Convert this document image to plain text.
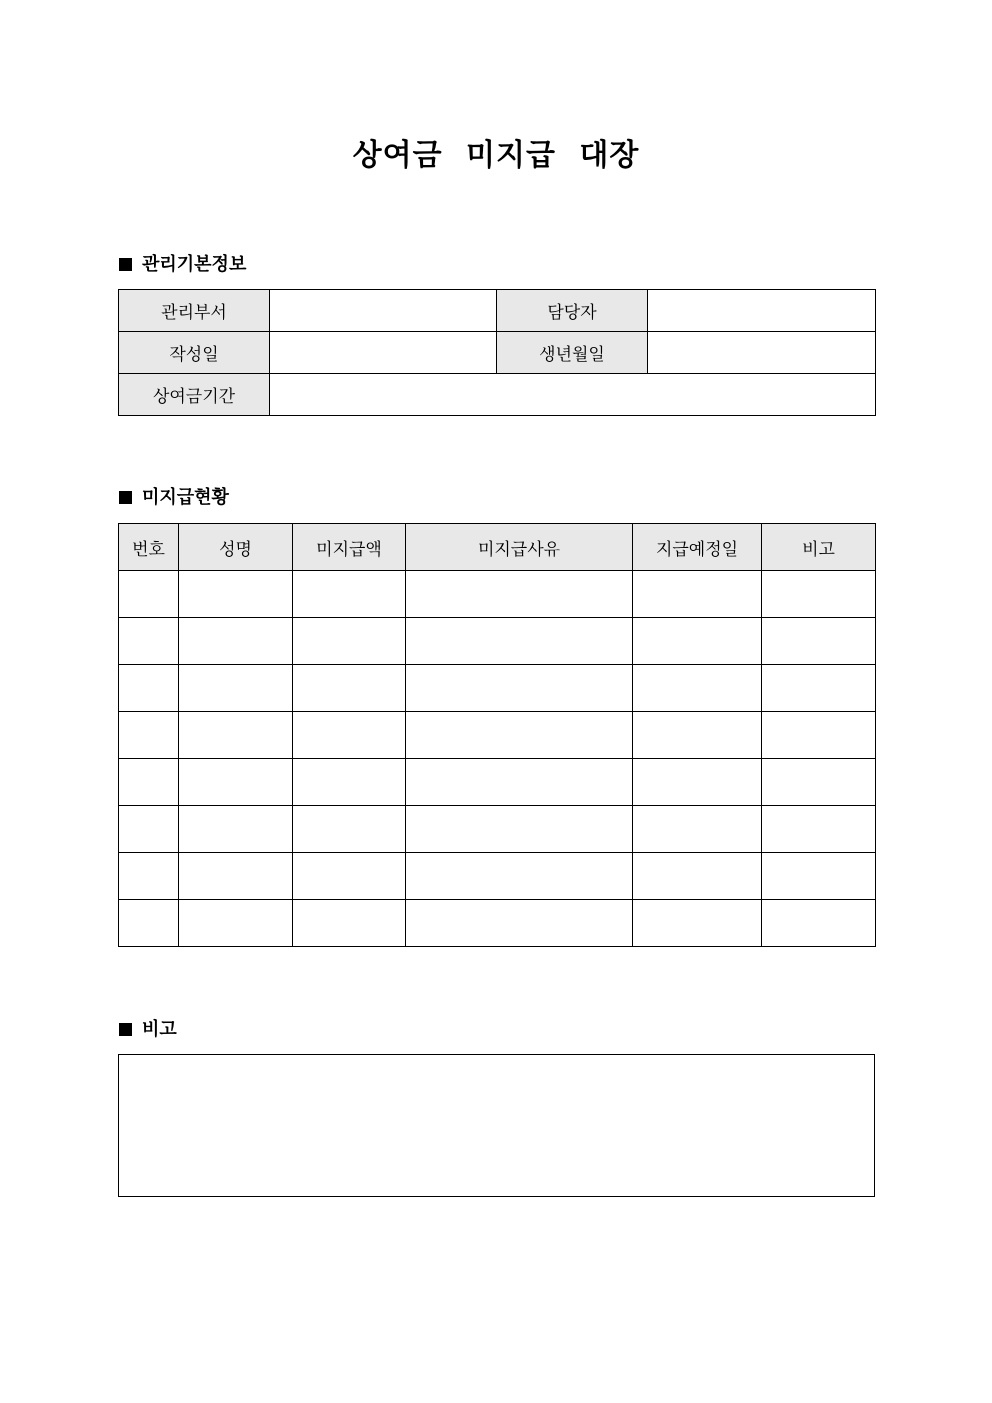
상여금 미지급 대장
관리기본정보
관리부서		담당자	
작성일		생년월일	
상여금기간			
미지급현황
번호	성명	미지급액	미지급사유	지급예정일	비고

비고
